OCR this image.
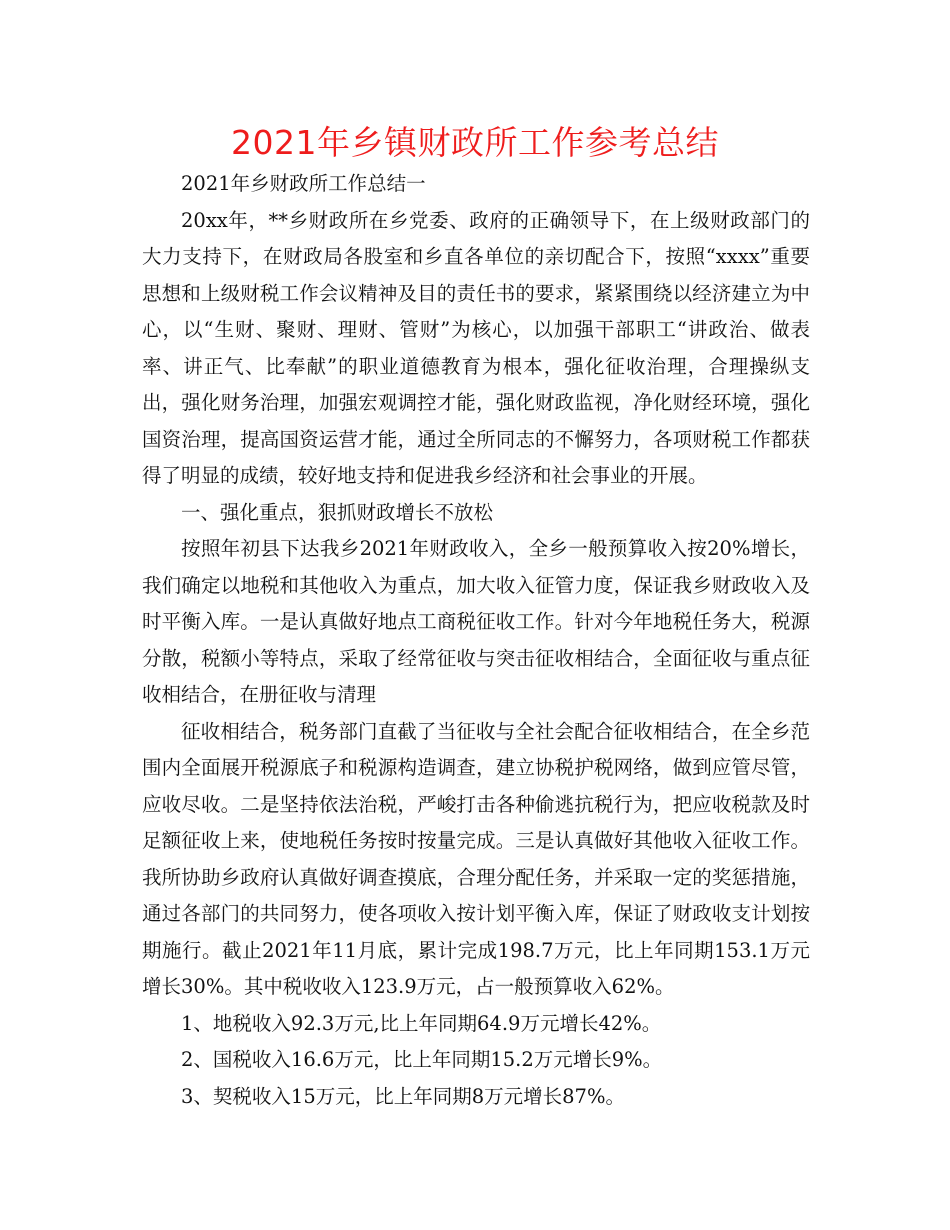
2021年乡镇财政所工作参考总结

2021年乡财政所工作总结一

20xx年，**乡财政所在乡党委、政府的正确领导下，在上级财政部门的大力支持下，在财政局各股室和乡直各单位的亲切配合下，按照“xxxx”重要思想和上级财税工作会议精神及目的责任书的要求，紧紧围绕以经济建立为中心，以“生财、聚财、理财、管财”为核心，以加强干部职工“讲政治、做表率、讲正气、比奉献”的职业道德教育为根本，强化征收治理，合理操纵支出，强化财务治理，加强宏观调控才能，强化财政监视，净化财经环境，强化国资治理，提高国资运营才能，通过全所同志的不懈努力，各项财税工作都获得了明显的成绩，较好地支持和促进我乡经济和社会事业的开展。

一、强化重点，狠抓财政增长不放松

按照年初县下达我乡2021年财政收入，全乡一般预算收入按20%增长，我们确定以地税和其他收入为重点，加大收入征管力度，保证我乡财政收入及时平衡入库。一是认真做好地点工商税征收工作。针对今年地税任务大，税源分散，税额小等特点，采取了经常征收与突击征收相结合，全面征收与重点征收相结合，在册征收与清理

征收相结合，税务部门直截了当征收与全社会配合征收相结合，在全乡范围内全面展开税源底子和税源构造调查，建立协税护税网络，做到应管尽管，应收尽收。二是坚持依法治税，严峻打击各种偷逃抗税行为，把应收税款及时足额征收上来，使地税任务按时按量完成。三是认真做好其他收入征收工作。我所协助乡政府认真做好调查摸底，合理分配任务，并采取一定的奖惩措施，通过各部门的共同努力，使各项收入按计划平衡入库，保证了财政收支计划按期施行。截止2021年11月底，累计完成198.7万元，比上年同期153.1万元增长30%。其中税收收入123.9万元，占一般预算收入62%。

1、地税收入92.3万元,比上年同期64.9万元增长42%。

2、国税收入16.6万元，比上年同期15.2万元增长9%。

3、契税收入15万元，比上年同期8万元增长87%。
